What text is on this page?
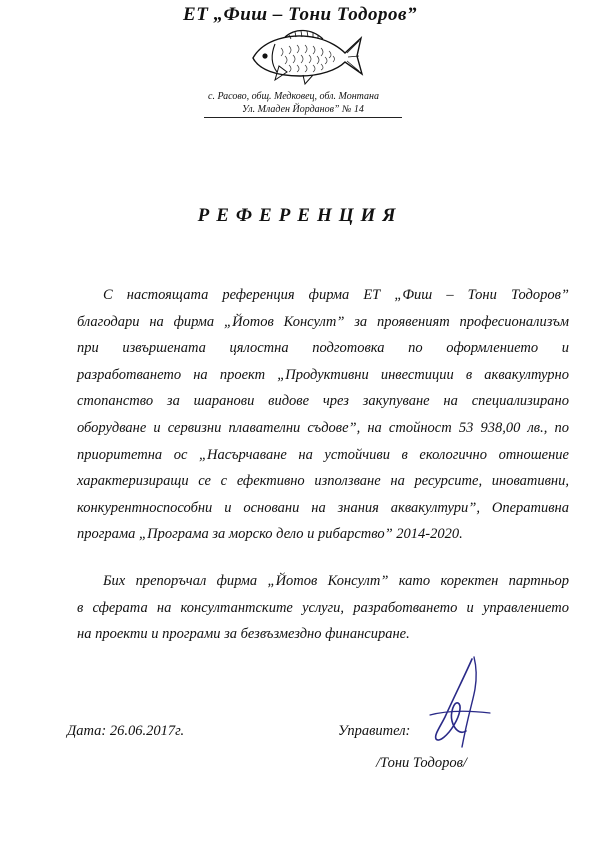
ЕТ „Фиш – Тони Тодоров”
с. Расово, общ. Медковец, обл. Монтана
Ул. Младен Йорданов” № 14
РЕФЕРЕНЦИЯ
С настоящата референция фирма ЕТ „Фиш – Тони Тодоров”
благодари на фирма „Йотов Консулт” за проявеният професионализъм
при извършената цялостна подготовка по оформлението и
разработването на проект „Продуктивни инвестиции в аквакултурно
стопанство за шаранови видове чрез закупуване на специализирано
оборудване и сервизни плавателни съдове”, на стойност 53 938,00 лв., по
приоритетна ос „Насърчаване на устойчиви в екологично отношение
характеризиращи се с ефективно използване на ресурсите, иновативни,
конкурентноспособни и основани на знания аквакултури”, Оперативна
програма „Програма за морско дело и рибарство” 2014-2020.
Бих препоръчал фирма „Йотов Консулт” като коректен партньор
в сферата на консултантските услуги, разработването и управлението
на проекти и програми за безвъзмездно финансиране.
Дата: 26.06.2017г.	Управител:
/Тони Тодоров/
